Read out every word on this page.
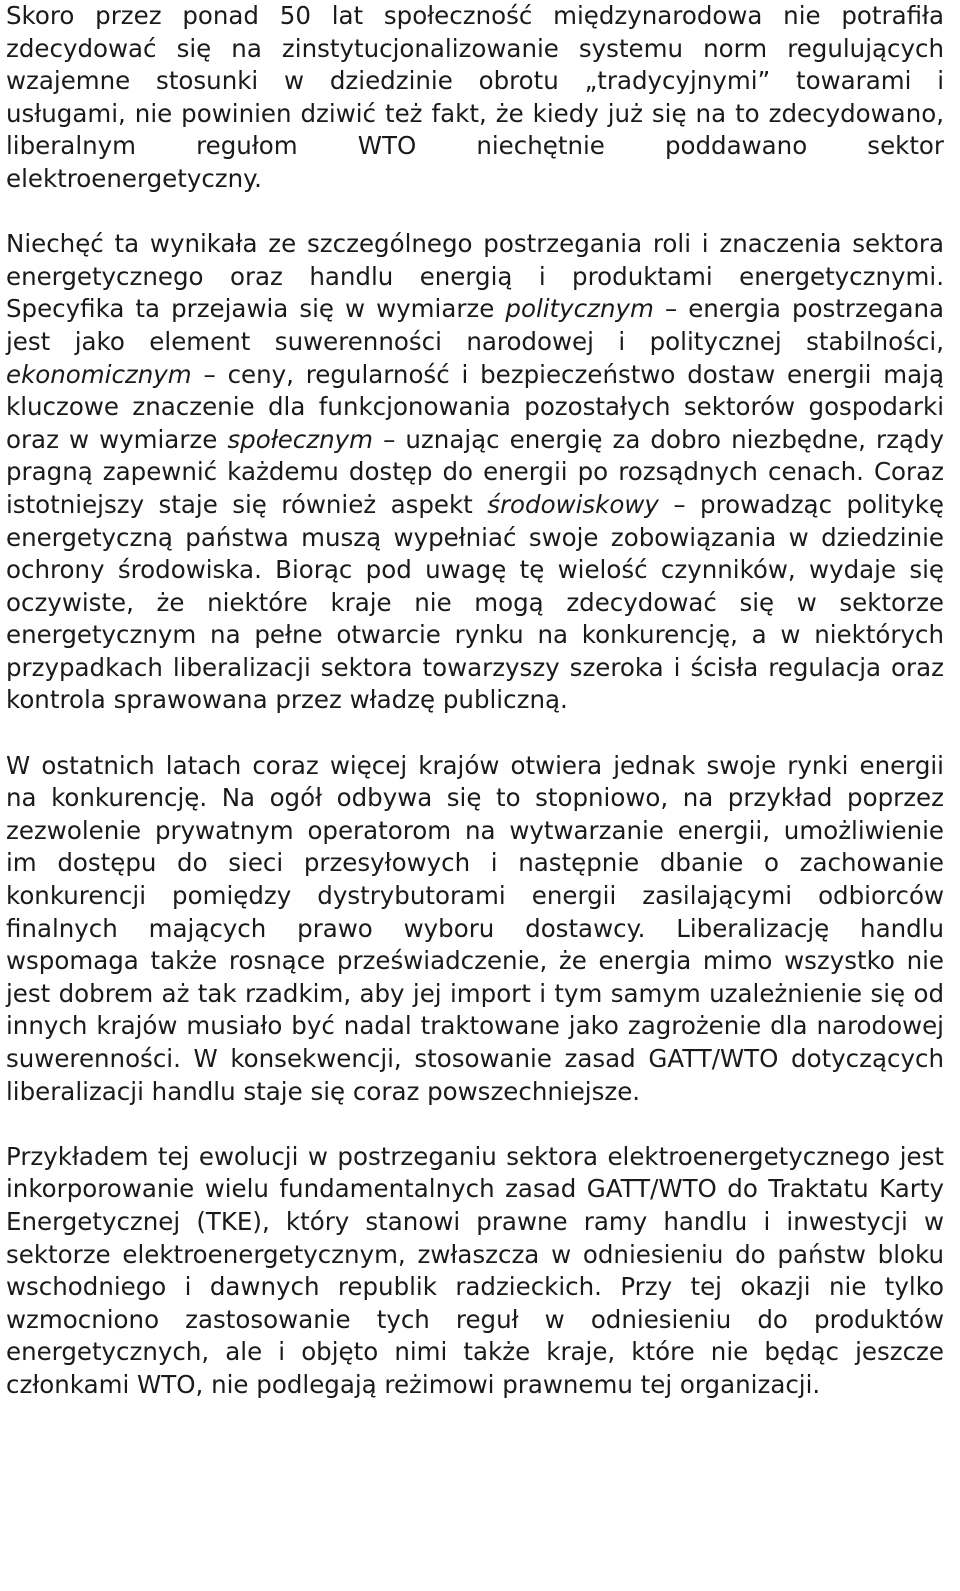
Skoro przez ponad 50 lat społeczność międzynarodowa nie potrafiła zdecydować się na zinstytucjonalizowanie systemu norm regulujących wzajemne stosunki w dziedzinie obrotu „tradycyjnymi” towarami i usługami, nie powinien dziwić też fakt, że kiedy już się na to zdecydowano, liberalnym regułom WTO niechętnie poddawano sektor elektroenergetyczny.

Niechęć ta wynikała ze szczególnego postrzegania roli i znaczenia sektora energetycznego oraz handlu energią i produktami energetycznymi. Specyfika ta przejawia się w wymiarze politycznym – energia postrzegana jest jako element suwerenności narodowej i politycznej stabilności, ekonomicznym – ceny, regularność i bezpieczeństwo dostaw energii mają kluczowe znaczenie dla funkcjonowania pozostałych sektorów gospodarki oraz w wymiarze społecznym – uznając energię za dobro niezbędne, rządy pragną zapewnić każdemu dostęp do energii po rozsądnych cenach. Coraz istotniejszy staje się również aspekt środowiskowy – prowadząc politykę energetyczną państwa muszą wypełniać swoje zobowiązania w dziedzinie ochrony środowiska. Biorąc pod uwagę tę wielość czynników, wydaje się oczywiste, że niektóre kraje nie mogą zdecydować się w sektorze energetycznym na pełne otwarcie rynku na konkurencję, a w niektórych przypadkach liberalizacji sektora towarzyszy szeroka i ścisła regulacja oraz kontrola sprawowana przez władzę publiczną.

W ostatnich latach coraz więcej krajów otwiera jednak swoje rynki energii na konkurencję. Na ogół odbywa się to stopniowo, na przykład poprzez zezwolenie prywatnym operatorom na wytwarzanie energii, umożliwienie im dostępu do sieci przesyłowych i następnie dbanie o zachowanie konkurencji pomiędzy dystrybutorami energii zasilającymi odbiorców finalnych mających prawo wyboru dostawcy. Liberalizację handlu wspomaga także rosnące przeświadczenie, że energia mimo wszystko nie jest dobrem aż tak rzadkim, aby jej import i tym samym uzależnienie się od innych krajów musiało być nadal traktowane jako zagrożenie dla narodowej suwerenności. W konsekwencji, stosowanie zasad GATT/WTO dotyczących liberalizacji handlu staje się coraz powszechniejsze.

Przykładem tej ewolucji w postrzeganiu sektora elektroenergetycznego jest inkorporowanie wielu fundamentalnych zasad GATT/WTO do Traktatu Karty Energetycznej (TKE), który stanowi prawne ramy handlu i inwestycji w sektorze elektroenergetycznym, zwłaszcza w odniesieniu do państw bloku wschodniego i dawnych republik radzieckich. Przy tej okazji nie tylko wzmocniono zastosowanie tych reguł w odniesieniu do produktów energetycznych, ale i objęto nimi także kraje, które nie będąc jeszcze członkami WTO, nie podlegają reżimowi prawnemu tej organizacji.
